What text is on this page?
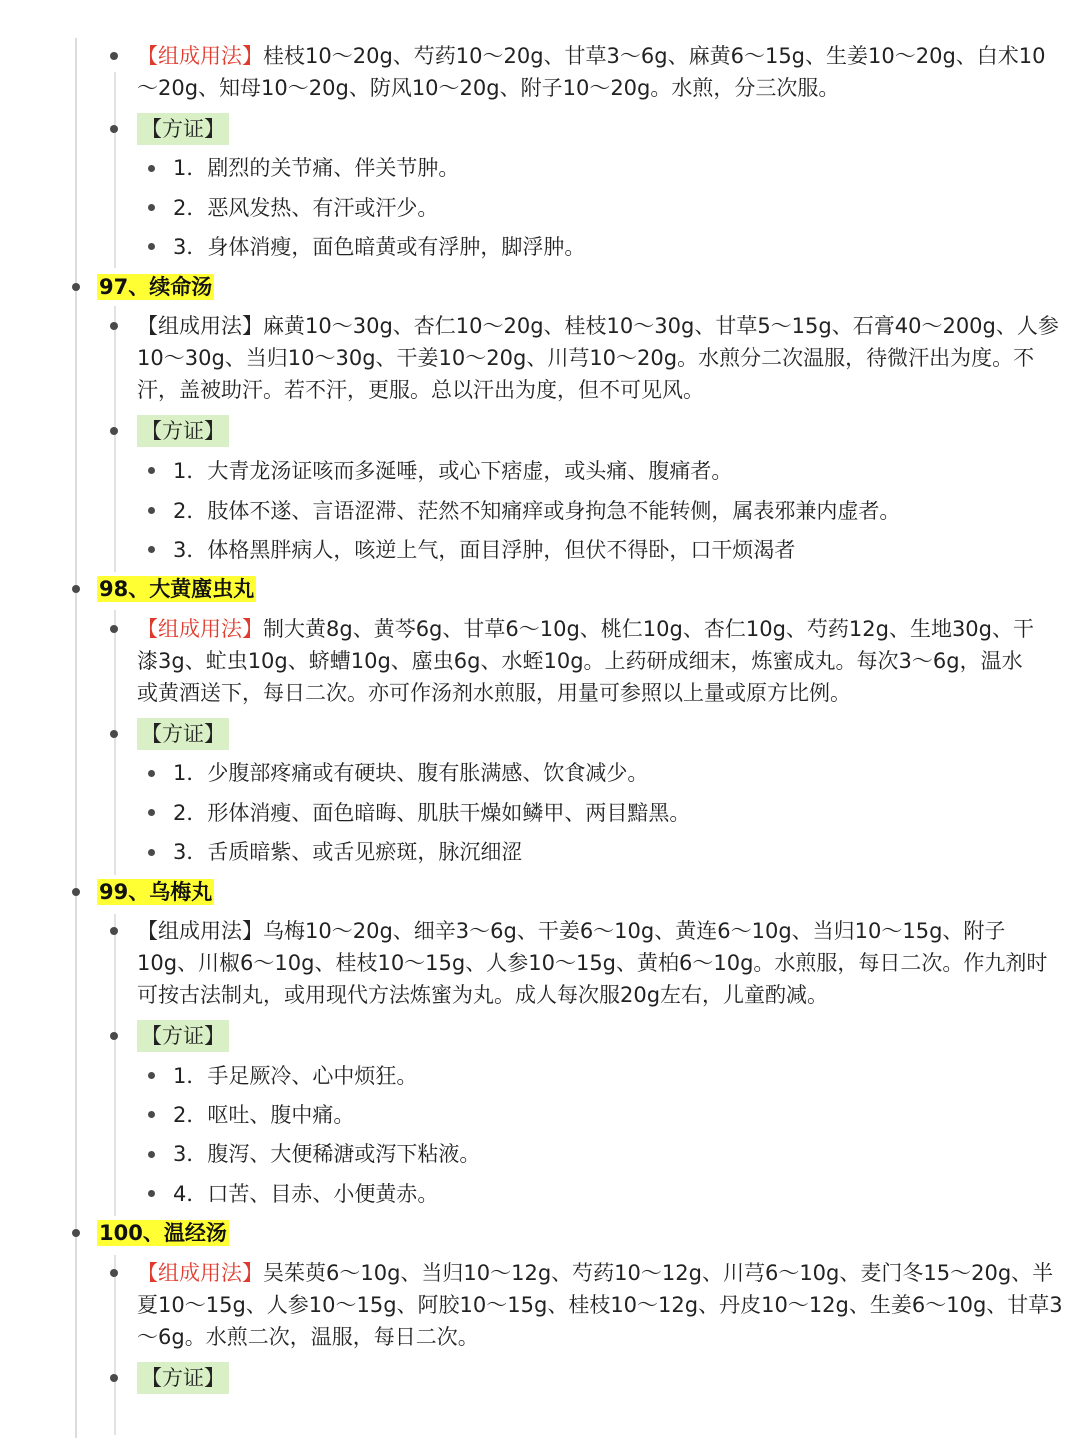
【组成用法】桂枝10～20g、芍药10～20g、甘草3～6g、麻黄6～15g、生姜10～20g、白术10
～20g、知母10～20g、防风10～20g、附子10～20g。水煎，分三次服。
【方证】
1．剧烈的关节痛、伴关节肿。
2．恶风发热、有汗或汗少。
3．身体消瘦，面色暗黄或有浮肿，脚浮肿。
97、续命汤
【组成用法】麻黄10～30g、杏仁10～20g、桂枝10～30g、甘草5～15g、石膏40～200g、人参
10～30g、当归10～30g、干姜10～20g、川芎10～20g。水煎分二次温服，待微汗出为度。不
汗，盖被助汗。若不汗，更服。总以汗出为度，但不可见风。
【方证】
1．大青龙汤证咳而多涎唾，或心下痞虚，或头痛、腹痛者。
2．肢体不遂、言语涩滞、茫然不知痛痒或身拘急不能转侧，属表邪兼内虚者。
3．体格黑胖病人，咳逆上气，面目浮肿，但伏不得卧，口干烦渴者
98、大黄䗪虫丸
【组成用法】制大黄8g、黄芩6g、甘草6～10g、桃仁10g、杏仁10g、芍药12g、生地30g、干
漆3g、虻虫10g、蛴螬10g、䗪虫6g、水蛭10g。上药研成细末，炼蜜成丸。每次3～6g，温水
或黄酒送下，每日二次。亦可作汤剂水煎服，用量可参照以上量或原方比例。
【方证】
1．少腹部疼痛或有硬块、腹有胀满感、饮食减少。
2．形体消瘦、面色暗晦、肌肤干燥如鳞甲、两目黯黑。
3．舌质暗紫、或舌见瘀斑，脉沉细涩
99、乌梅丸
【组成用法】乌梅10～20g、细辛3～6g、干姜6～10g、黄连6～10g、当归10～15g、附子
10g、川椒6～10g、桂枝10～15g、人参10～15g、黄柏6～10g。水煎服，每日二次。作九剂时
可按古法制丸，或用现代方法炼蜜为丸。成人每次服20g左右，儿童酌减。
【方证】
1．手足厥冷、心中烦狂。
2．呕吐、腹中痛。
3．腹泻、大便稀溏或泻下粘液。
4．口苦、目赤、小便黄赤。
100、温经汤
【组成用法】吴茱萸6～10g、当归10～12g、芍药10～12g、川芎6～10g、麦门冬15～20g、半
夏10～15g、人参10～15g、阿胶10～15g、桂枝10～12g、丹皮10～12g、生姜6～10g、甘草3
～6g。水煎二次，温服，每日二次。
【方证】
